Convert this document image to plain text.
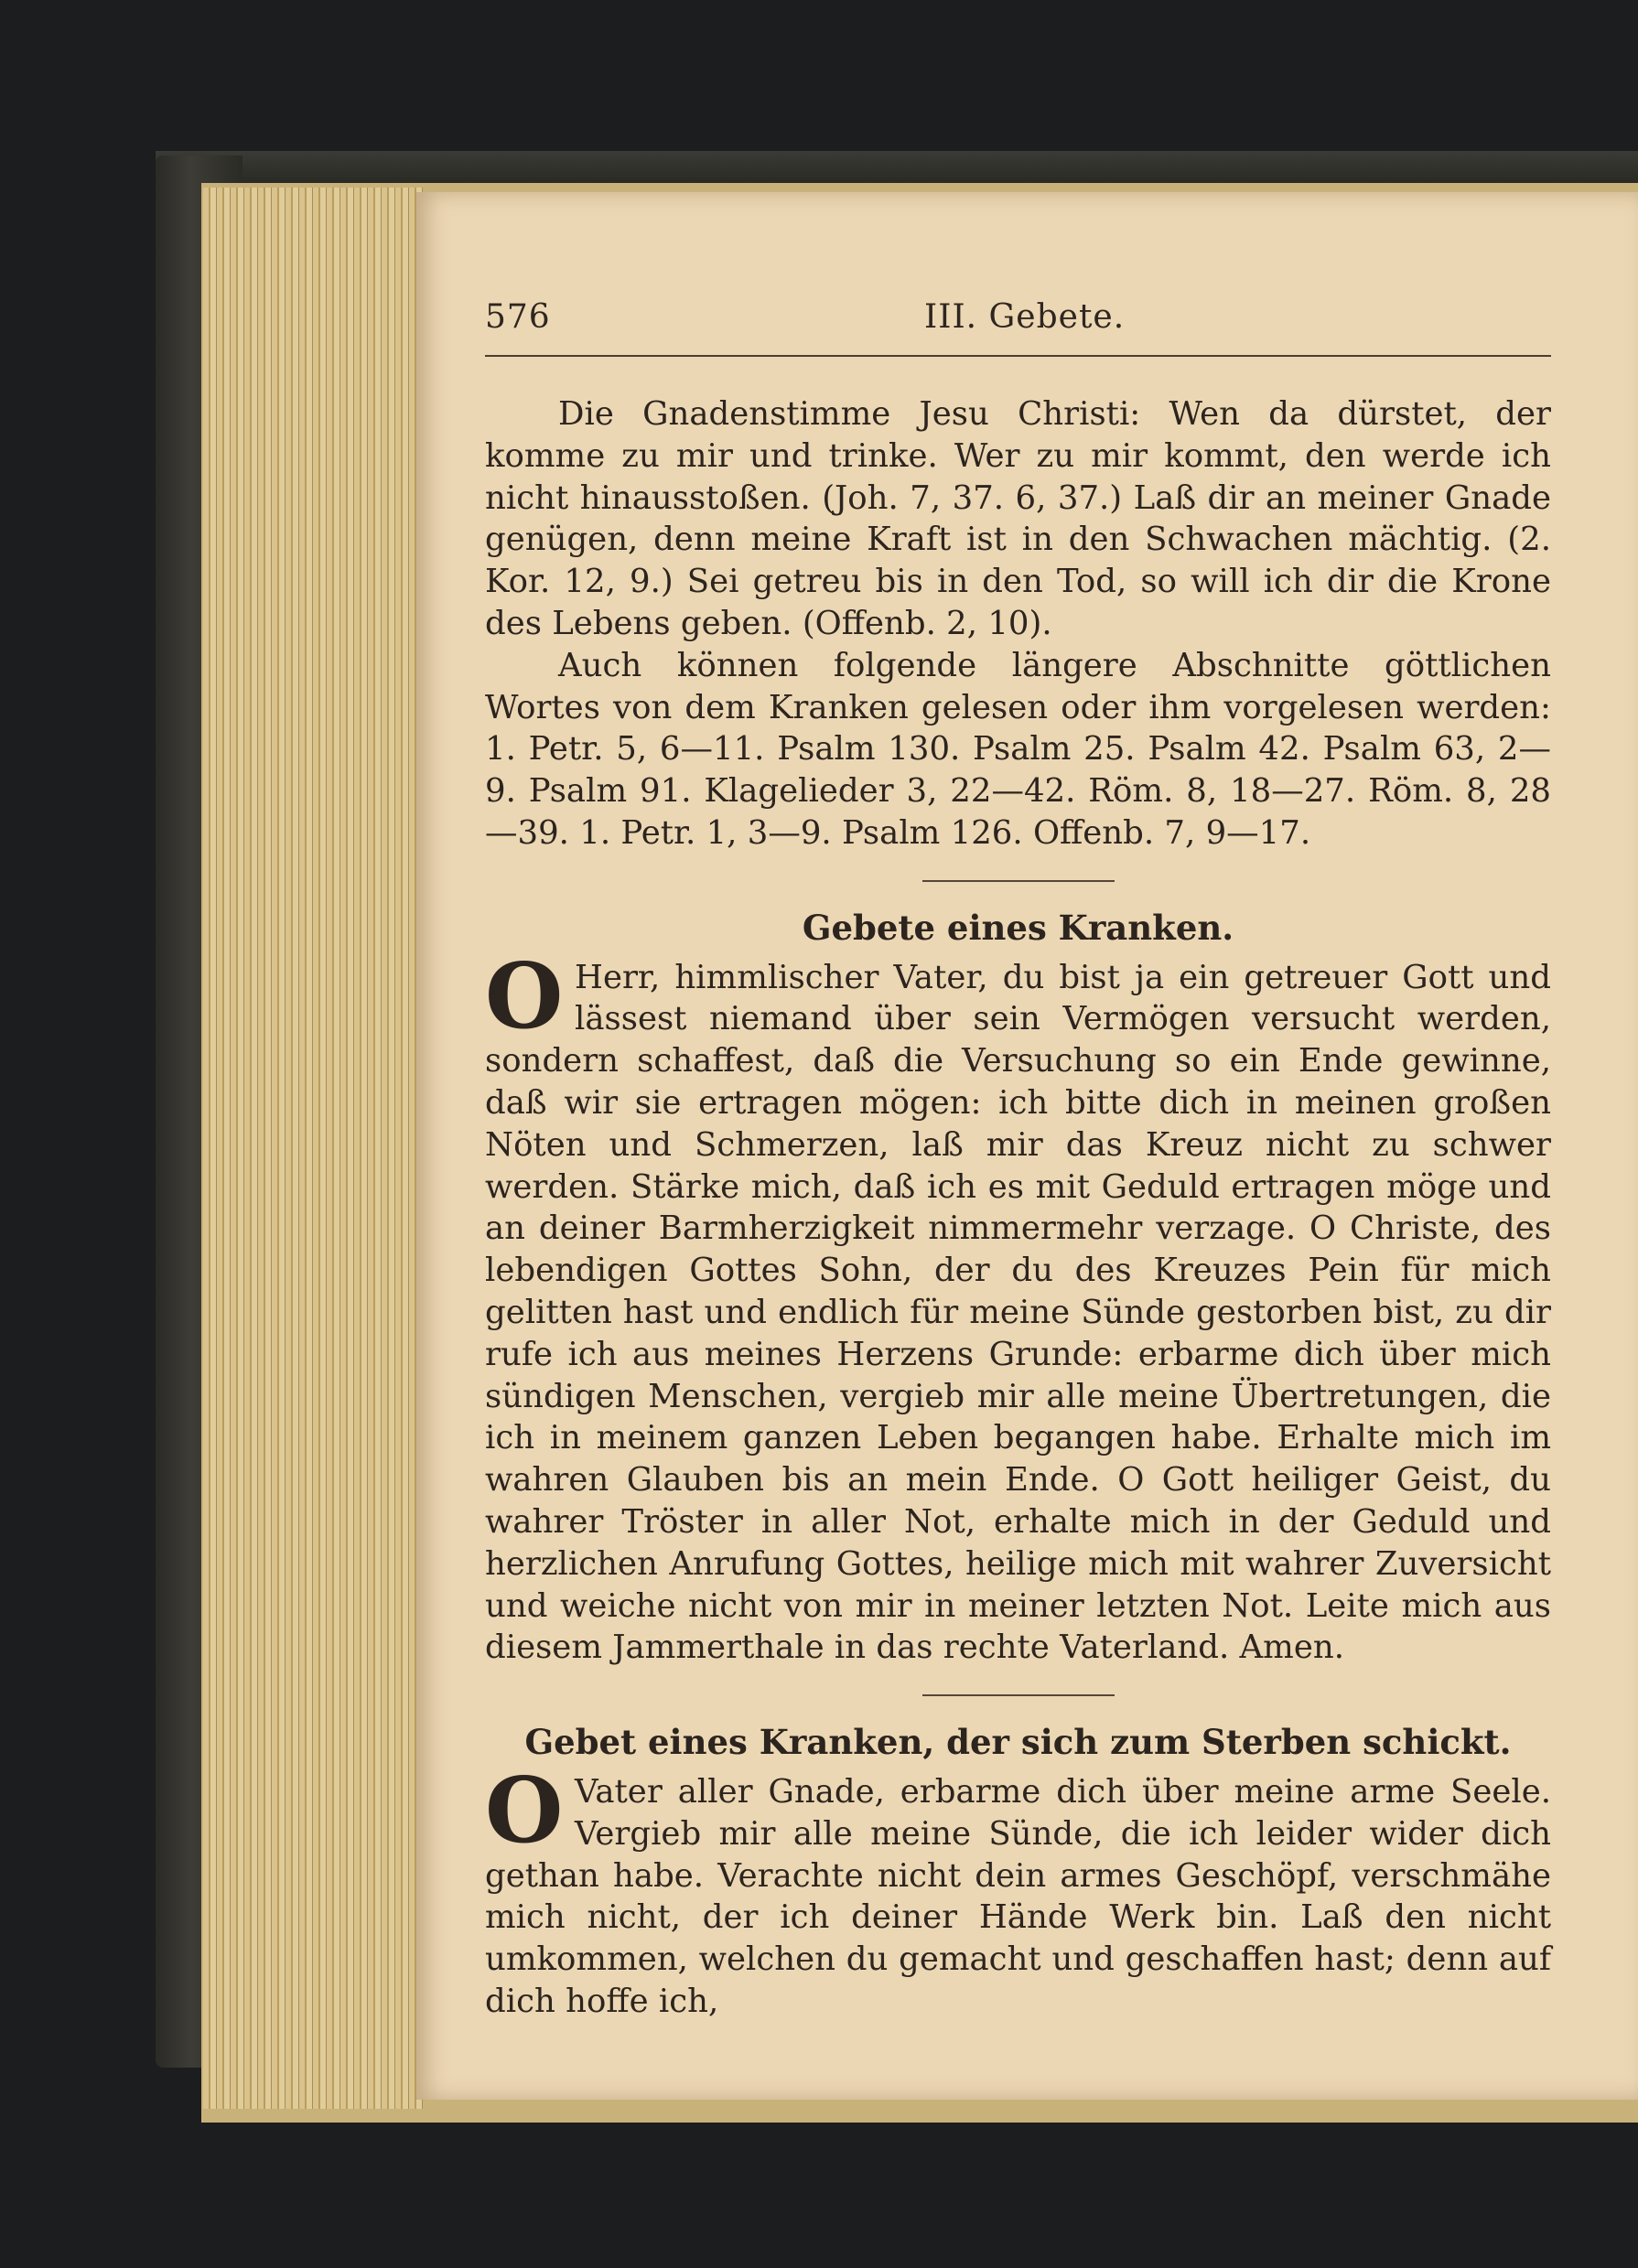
576	III. Gebete.

Die Gnadenstimme Jesu Christi: Wen da dürstet, der komme zu mir und trinke. Wer zu mir kommt, den werde ich nicht hinausstoßen. (Joh. 7, 37. 6, 37.) Laß dir an meiner Gnade genügen, denn meine Kraft ist in den Schwachen mächtig. (2. Kor. 12, 9.) Sei getreu bis in den Tod, so will ich dir die Krone des Lebens geben. (Offenb. 2, 10).

Auch können folgende längere Abschnitte göttlichen Wortes von dem Kranken gelesen oder ihm vorgelesen werden: 1. Petr. 5, 6—11. Psalm 130. Psalm 25. Psalm 42. Psalm 63, 2—9. Psalm 91. Klagelieder 3, 22—42. Röm. 8, 18—27. Röm. 8, 28—39. 1. Petr. 1, 3—9. Psalm 126. Offenb. 7, 9—17.

Gebete eines Kranken.
O Herr, himmlischer Vater, du bist ja ein getreuer Gott und lässest niemand über sein Vermögen versucht werden, sondern schaffest, daß die Versuchung so ein Ende gewinne, daß wir sie ertragen mögen: ich bitte dich in meinen großen Nöten und Schmerzen, laß mir das Kreuz nicht zu schwer werden. Stärke mich, daß ich es mit Geduld ertragen möge und an deiner Barmherzigkeit nimmermehr verzage. O Christe, des lebendigen Gottes Sohn, der du des Kreuzes Pein für mich gelitten hast und endlich für meine Sünde gestorben bist, zu dir rufe ich aus meines Herzens Grunde: erbarme dich über mich sündigen Menschen, vergieb mir alle meine Übertretungen, die ich in meinem ganzen Leben begangen habe. Erhalte mich im wahren Glauben bis an mein Ende. O Gott heiliger Geist, du wahrer Tröster in aller Not, erhalte mich in der Geduld und herzlichen Anrufung Gottes, heilige mich mit wahrer Zuversicht und weiche nicht von mir in meiner letzten Not. Leite mich aus diesem Jammerthale in das rechte Vaterland. Amen.

Gebet eines Kranken, der sich zum Sterben schickt.
O Vater aller Gnade, erbarme dich über meine arme Seele. Vergieb mir alle meine Sünde, die ich leider wider dich gethan habe. Verachte nicht dein armes Geschöpf, verschmähe mich nicht, der ich deiner Hände Werk bin. Laß den nicht umkommen, welchen du gemacht und geschaffen hast; denn auf dich hoffe ich,
